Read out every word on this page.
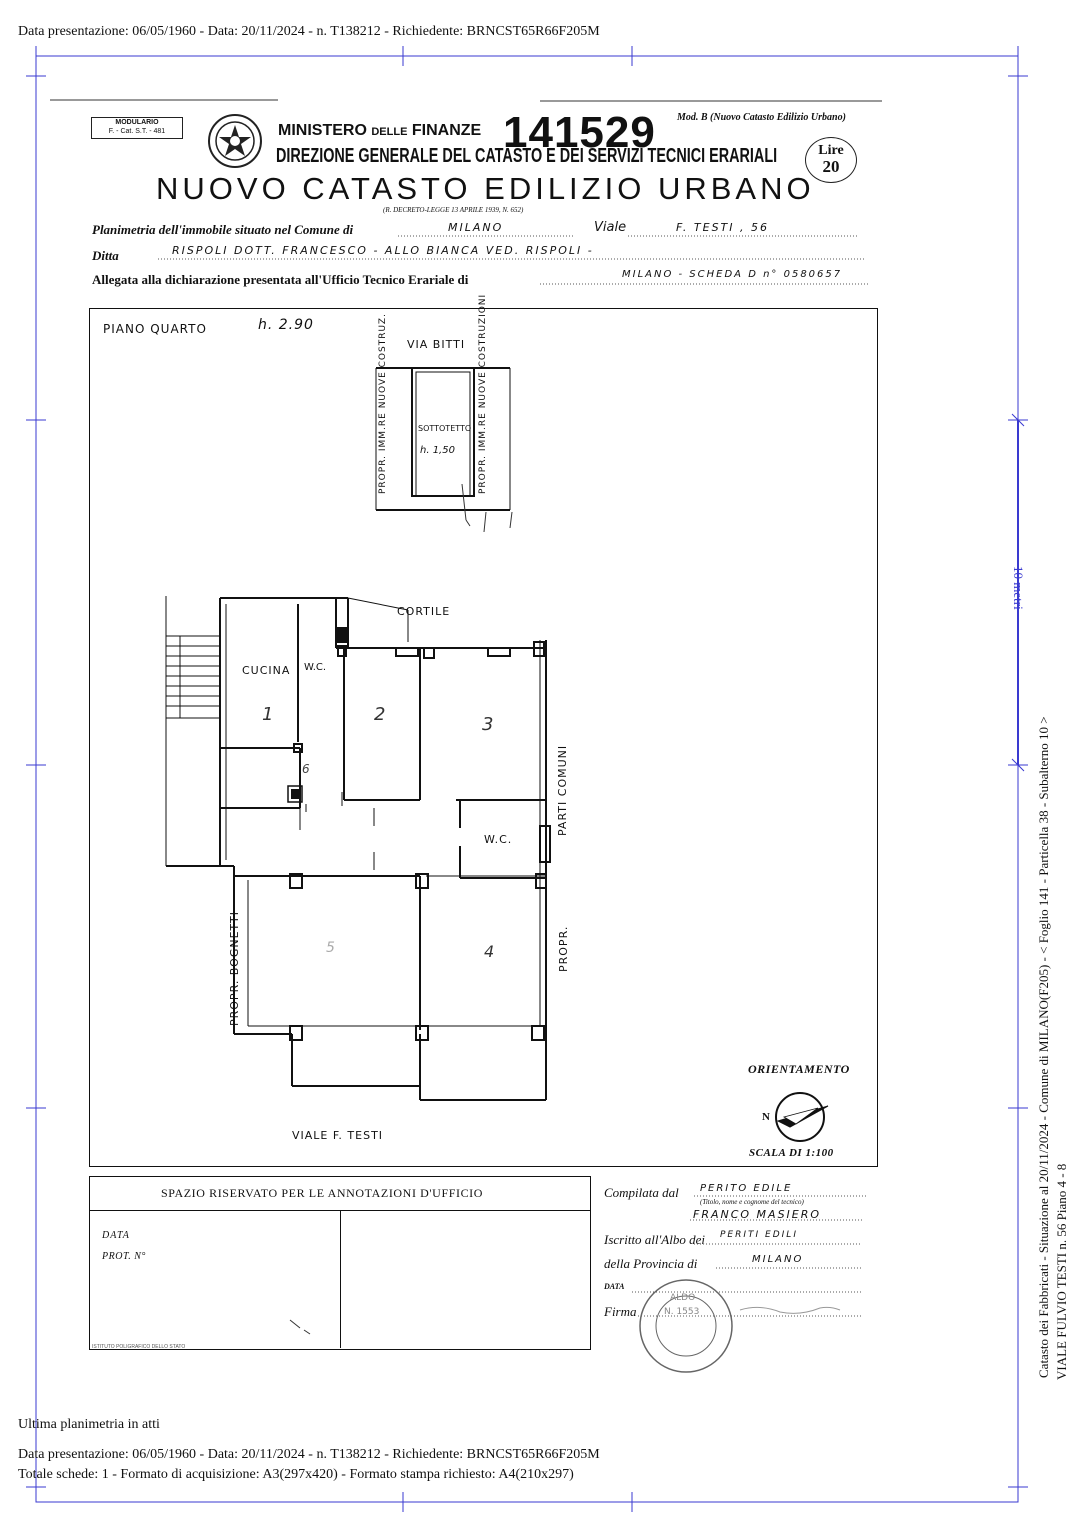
Data presentazione: 06/05/1960 - Data: 20/11/2024 - n. T138212 - Richiedente: BRNCST65R66F205M
10 metri
Catasto dei Fabbricati - Situazione al 20/11/2024 - Comune di MILANO(F205) - < Foglio 141 - Particella 38 - Subalterno 10 > VIALE FULVIO TESTI n. 56 Piano 4 - 8
MODULARIO
F. - Cat. S.T. - 481	MINISTERO DELLE FINANZE 141529 Mod. B (Nuovo Catasto Edilizio Urbano)
DIREZIONE GENERALE DEL CATASTO E DEI SERVIZI TECNICI ERARIALI	Lire
20
NUOVO CATASTO EDILIZIO URBANO
(R. DECRETO-LEGGE 13 APRILE 1939, N. 652)
Planimetria dell'immobile situato nel Comune di	MILANO	Viale	F. TESTI , 56
Ditta	RISPOLI DOTT. FRANCESCO - ALLO BIANCA VED. RISPOLI -
Allegata alla dichiarazione presentata all'Ufficio Tecnico Erariale di	MILANO - SCHEDA D n° 0580657
PIANO QUARTO	h. 2.90
VIA BITTI
PROPR. IMM.RE NUOVE COSTRUZ.	SOTTOTETTO
h. 1,50	PROPR. IMM.RE NUOVE COSTRUZIONI
CORTILE
CUCINA W.C.
W.C.
PARTI COMUNI
PROPR. BOGNETTI	PROPR.
1	2	3
4
5
6
VIALE F. TESTI
ORIENTAMENTO
N
SCALA DI 1:100
SPAZIO RISERVATO PER LE ANNOTAZIONI D'UFFICIO
DATA
PROT. N°
ISTITUTO POLIGRAFICO DELLO STATO
Compilata dal PERITO EDILE
(Titolo, nome e cognome del tecnico)
FRANCO MASIERO
Iscritto all'Albo dei PERITI EDILI
della Provincia di	MILANO
DATA
Firma
ALDO
N. 1553
Ultima planimetria in atti
Data presentazione: 06/05/1960 - Data: 20/11/2024 - n. T138212 - Richiedente: BRNCST65R66F205M
Totale schede: 1 - Formato di acquisizione: A3(297x420) - Formato stampa richiesto: A4(210x297)
